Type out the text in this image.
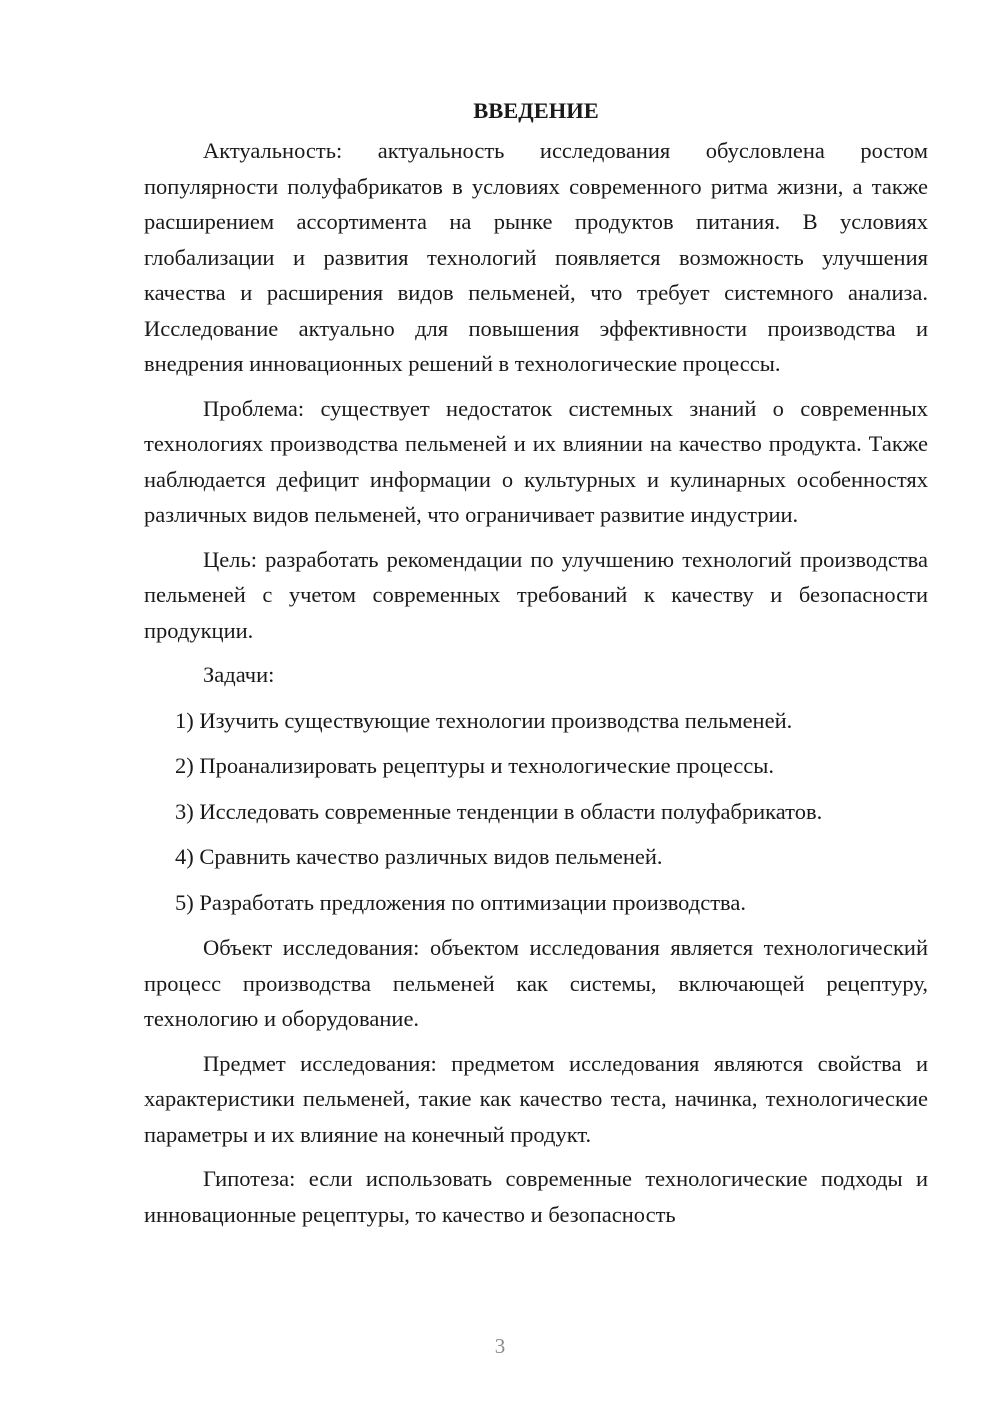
ВВЕДЕНИЕ

Актуальность: актуальность исследования обусловлена ростом популярности полуфабрикатов в условиях современного ритма жизни, а также расширением ассортимента на рынке продуктов питания. В условиях глобализации и развития технологий появляется возможность улучшения качества и расширения видов пельменей, что требует системного анализа. Исследование актуально для повышения эффективности производства и внедрения инновационных решений в технологические процессы.

Проблема: существует недостаток системных знаний о современных технологиях производства пельменей и их влиянии на качество продукта. Также наблюдается дефицит информации о культурных и кулинарных особенностях различных видов пельменей, что ограничивает развитие индустрии.

Цель: разработать рекомендации по улучшению технологий производства пельменей с учетом современных требований к качеству и безопасности продукции.

Задачи:

1) Изучить существующие технологии производства пельменей.
2) Проанализировать рецептуры и технологические процессы.
3) Исследовать современные тенденции в области полуфабрикатов.
4) Сравнить качество различных видов пельменей.
5) Разработать предложения по оптимизации производства.

Объект исследования: объектом исследования является технологический процесс производства пельменей как системы, включающей рецептуру, технологию и оборудование.

Предмет исследования: предметом исследования являются свойства и характеристики пельменей, такие как качество теста, начинка, технологические параметры и их влияние на конечный продукт.

Гипотеза: если использовать современные технологические подходы и инновационные рецептуры, то качество и безопасность

3
